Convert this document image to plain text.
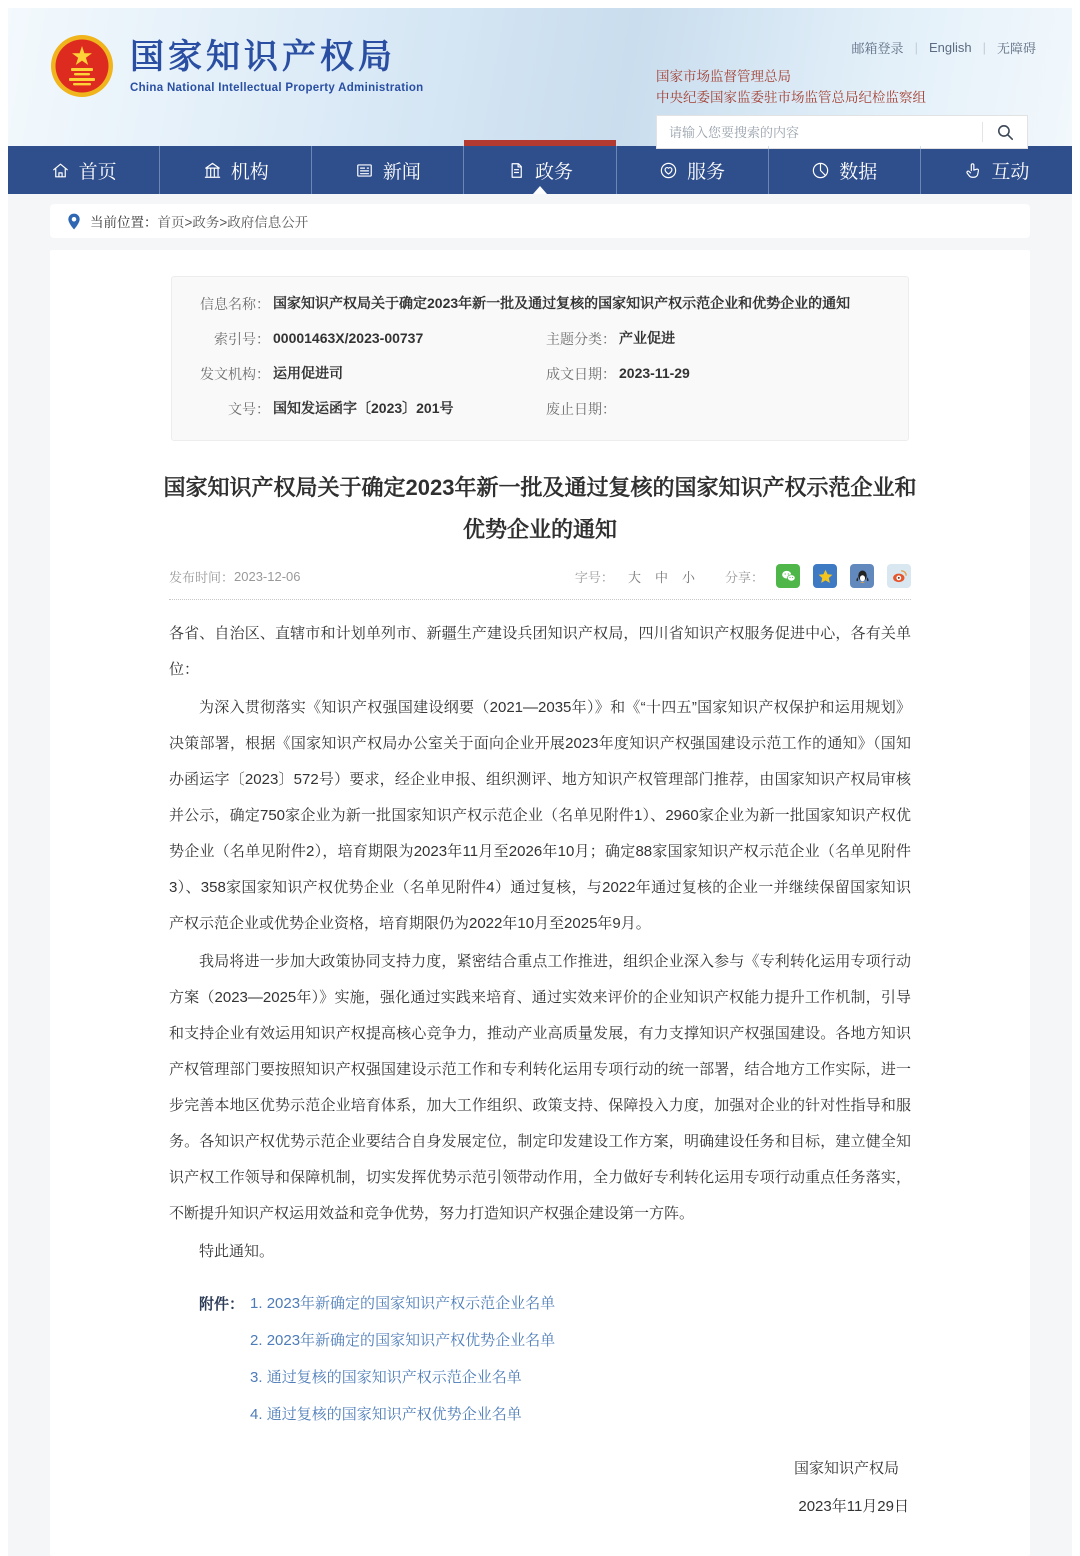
国家知识产权局
China National Intellectual Property Administration
邮箱登录 | English | 无障碍
国家市场监督管理总局
中央纪委国家监委驻市场监管总局纪检监察组
请输入您要搜索的内容
首页	机构	新闻	政务	服务	数据	互动
当前位置： 首页>政务>政府信息公开
信息名称： 国家知识产权局关于确定2023年新一批及通过复核的国家知识产权示范企业和优势企业的通知
索引号： 00001463X/2023-00737	主题分类： 产业促进
发文机构： 运用促进司	成文日期： 2023-11-29
文号： 国知发运函字〔2023〕201号	废止日期：
国家知识产权局关于确定2023年新一批及通过复核的国家知识产权示范企业和优势企业的通知
发布时间： 2023-12-06	字号： 大 中 小 分享：

各省、自治区、直辖市和计划单列市、新疆生产建设兵团知识产权局，四川省知识产权服务促进中心，各有关单位：

为深入贯彻落实《知识产权强国建设纲要（2021—2035年）》和《“十四五”国家知识产权保护和运用规划》决策部署，根据《国家知识产权局办公室关于面向企业开展2023年度知识产权强国建设示范工作的通知》（国知办函运字〔2023〕572号）要求，经企业申报、组织测评、地方知识产权管理部门推荐，由国家知识产权局审核并公示，确定750家企业为新一批国家知识产权示范企业（名单见附件1）、2960家企业为新一批国家知识产权优势企业（名单见附件2），培育期限为2023年11月至2026年10月；确定88家国家知识产权示范企业（名单见附件3）、358家国家知识产权优势企业（名单见附件4）通过复核，与2022年通过复核的企业一并继续保留国家知识产权示范企业或优势企业资格，培育期限仍为2022年10月至2025年9月。

我局将进一步加大政策协同支持力度，紧密结合重点工作推进，组织企业深入参与《专利转化运用专项行动方案（2023—2025年）》实施，强化通过实践来培育、通过实效来评价的企业知识产权能力提升工作机制，引导和支持企业有效运用知识产权提高核心竞争力，推动产业高质量发展，有力支撑知识产权强国建设。各地方知识产权管理部门要按照知识产权强国建设示范工作和专利转化运用专项行动的统一部署，结合地方工作实际，进一步完善本地区优势示范企业培育体系，加大工作组织、政策支持、保障投入力度，加强对企业的针对性指导和服务。各知识产权优势示范企业要结合自身发展定位，制定印发建设工作方案，明确建设任务和目标，建立健全知识产权工作领导和保障机制，切实发挥优势示范引领带动作用，全力做好专利转化运用专项行动重点任务落实，不断提升知识产权运用效益和竞争优势，努力打造知识产权强企建设第一方阵。

特此通知。

附件： 1. 2023年新确定的国家知识产权示范企业名单
2. 2023年新确定的国家知识产权优势企业名单
3. 通过复核的国家知识产权示范企业名单
4. 通过复核的国家知识产权优势企业名单
国家知识产权局
2023年11月29日
